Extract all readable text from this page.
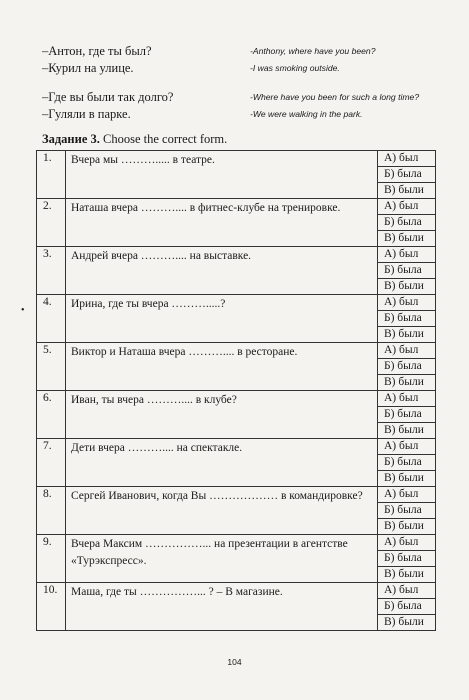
–Антон, где ты был?	-Anthony, where have you been?
–Курил на улице.	-I was smoking outside.
–Где вы были так долго?	-Where have you been for such a long time?
–Гуляли в парке.	-We were walking in the park.
Задание 3. Choose the correct form.
1.	Вчера мы ………..... в театре.	А) был
		Б) была
		В) были
2.	Наташа вчера ……….... в фитнес-клубе на тренировке.	А) был
		Б) была
		В) были
3.	Андрей вчера ……….... на выставке.	А) был
		Б) была
		В) были
4.	Ирина, где ты вчера ……….....?	А) был
		Б) была
		В) были
5.	Виктор и Наташа вчера ……….... в ресторане.	А) был
		Б) была
		В) были
6.	Иван, ты вчера ……….... в клубе?	А) был
		Б) была
		В) были
7.	Дети вчера ……….... на спектакле.	А) был
		Б) была
		В) были
8.	Сергей Иванович, когда Вы ……………… в командировке?	А) был
		Б) была
		В) были
9.	Вчера Максим ……………... на презентации в агентстве «Турэкспресс».	А) был
		Б) была
		В) были
10.	Маша, где ты ……………... ? – В магазине.	А) был
		Б) была
		В) были
•
104
